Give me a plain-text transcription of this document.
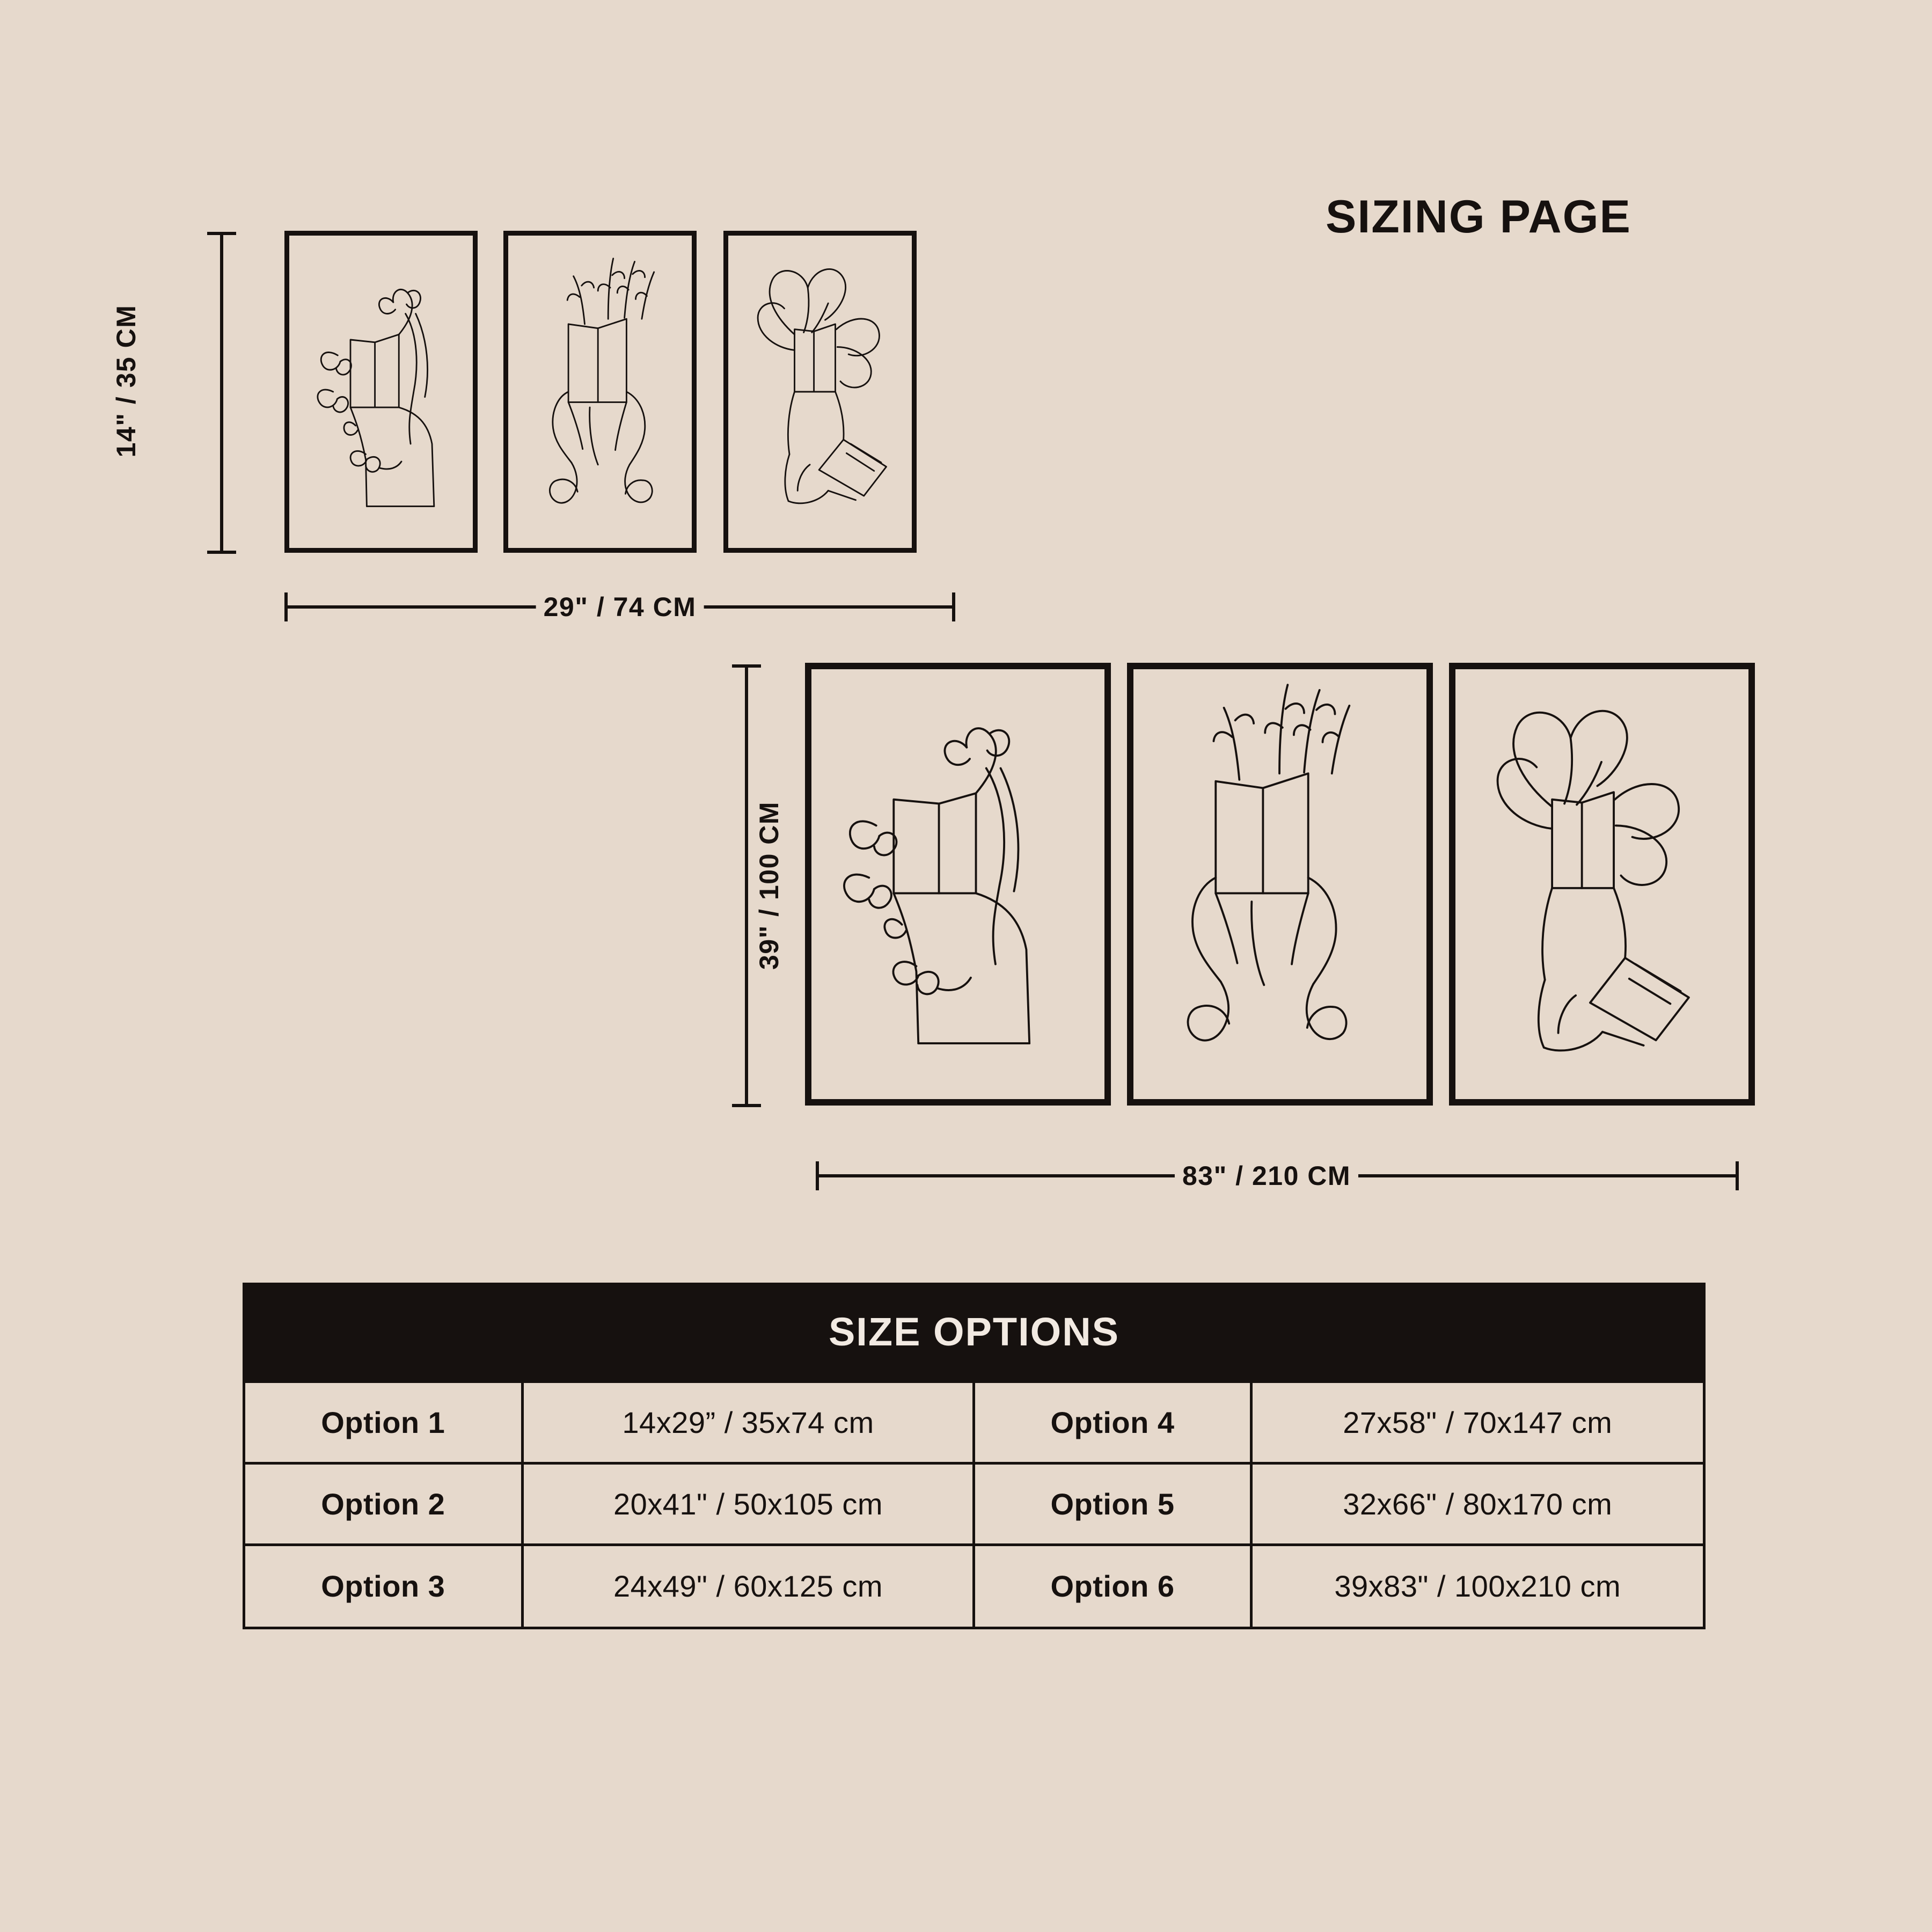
SIZING PAGE
14" / 35 CM
29" / 74 CM
39" / 100 CM
83" / 210 CM
SIZE OPTIONS
Option 1	14x29” / 35x74 cm	Option 4	27x58" / 70x147 cm
Option 2	20x41" / 50x105 cm	Option 5	32x66" / 80x170 cm
Option 3	24x49" / 60x125 cm	Option 6	39x83" / 100x210 cm
